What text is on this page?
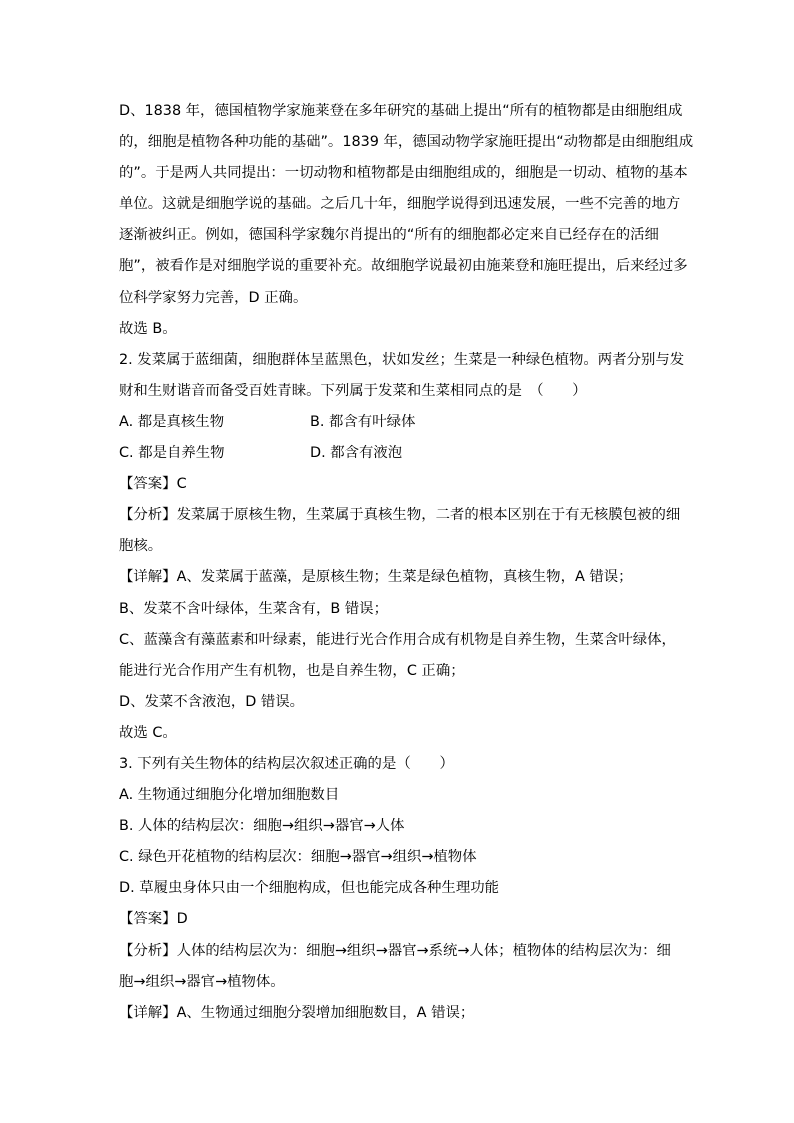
D、1838 年，德国植物学家施莱登在多年研究的基础上提出“所有的植物都是由细胞组成
的，细胞是植物各种功能的基础”。1839 年，德国动物学家施旺提出“动物都是由细胞组成
的”。于是两人共同提出：一切动物和植物都是由细胞组成的，细胞是一切动、植物的基本
单位。这就是细胞学说的基础。之后几十年，细胞学说得到迅速发展，一些不完善的地方
逐渐被纠正。例如，德国科学家魏尔肖提出的“所有的细胞都必定来自已经存在的活细
胞”，被看作是对细胞学说的重要补充。故细胞学说最初由施莱登和施旺提出，后来经过多
位科学家努力完善，D 正确。
故选 B。
2. 发菜属于蓝细菌，细胞群体呈蓝黑色，状如发丝；生菜是一种绿色植物。两者分别与发
财和生财谐音而备受百姓青睐。下列属于发菜和生菜相同点的是　（　　）
A. 都是真核生物	B. 都含有叶绿体
C. 都是自养生物	D. 都含有液泡
【答案】C
【分析】发菜属于原核生物，生菜属于真核生物，二者的根本区别在于有无核膜包被的细
胞核。
【详解】A、发菜属于蓝藻，是原核生物；生菜是绿色植物，真核生物，A 错误；
B、发菜不含叶绿体，生菜含有，B 错误；
C、蓝藻含有藻蓝素和叶绿素，能进行光合作用合成有机物是自养生物，生菜含叶绿体，
能进行光合作用产生有机物，也是自养生物，C 正确；
D、发菜不含液泡，D 错误。
故选 C。
3. 下列有关生物体的结构层次叙述正确的是（　　）
A. 生物通过细胞分化增加细胞数目
B. 人体的结构层次：细胞→组织→器官→人体
C. 绿色开花植物的结构层次：细胞→器官→组织→植物体
D. 草履虫身体只由一个细胞构成，但也能完成各种生理功能
【答案】D
【分析】人体的结构层次为：细胞→组织→器官→系统→人体；植物体的结构层次为：细
胞→组织→器官→植物体。
【详解】A、生物通过细胞分裂增加细胞数目，A 错误；
